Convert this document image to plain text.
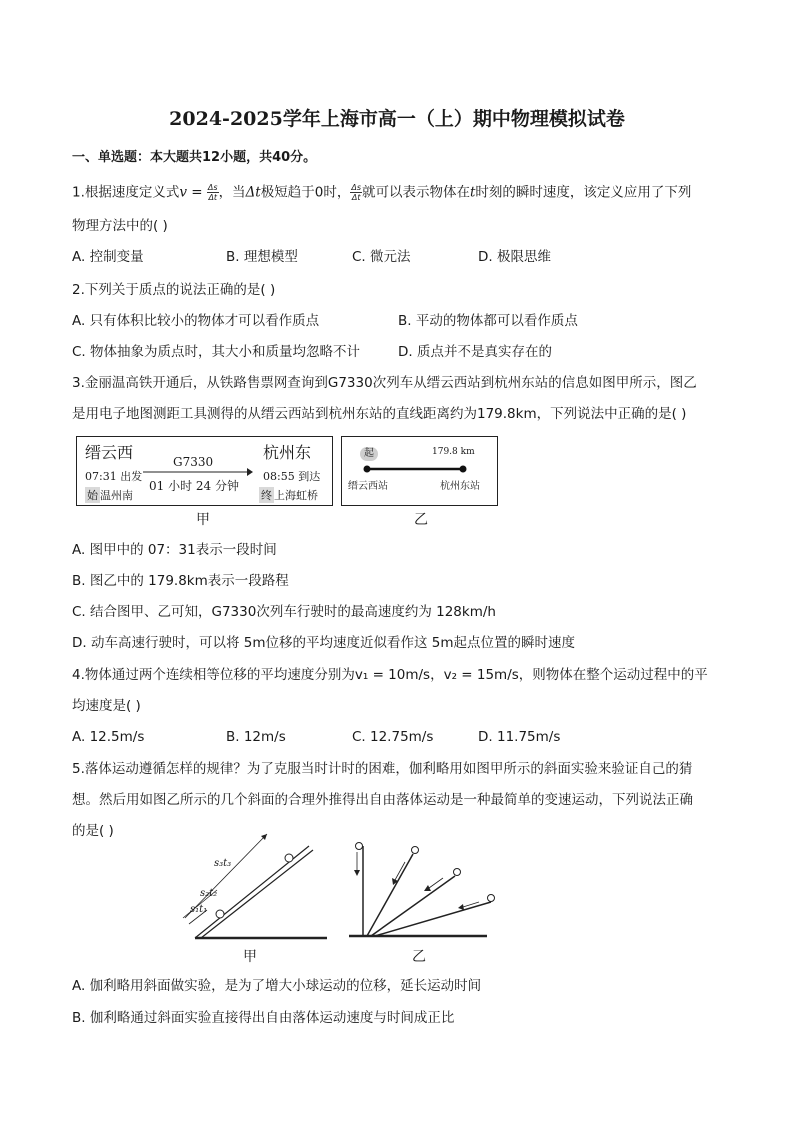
2024-2025学年上海市高一（上）期中物理模拟试卷
一、单选题：本大题共12小题，共40分。
1.根据速度定义式$v = \frac{\Delta s}{\Delta t}$ ，当Δt极短趋于0时， $\frac{\Delta s}{\Delta t}$ 就可以表示物体在t时刻的瞬时速度，该定义应用了下列
物理方法中的( )
A. 控制变量	B. 理想模型	C. 微元法	D. 极限思维
2.下列关于质点的说法正确的是( )
A. 只有体积比较小的物体才可以看作质点	B. 平动的物体都可以看作质点
C. 物体抽象为质点时，其大小和质量均忽略不计	D. 质点并不是真实存在的
3.金丽温高铁开通后，从铁路售票网查询到G7330次列车从缙云西站到杭州东站的信息如图甲所示，图乙
是用电子地图测距工具测得的从缙云西站到杭州东站的直线距离约为179.8km，下列说法中正确的是( )
缙云西	杭州东
07:31 出发	08:55 到达
G7330
01 小时 24 分钟
始 温州南	终 上海虹桥
甲
起	179.8 km
缙云西站	杭州东站
乙
A. 图甲中的 07：31表示一段时间
B. 图乙中的 179.8km表示一段路程
C. 结合图甲、乙可知，G7330次列车行驶时的最高速度约为 128km/h
D. 动车高速行驶时，可以将 5m位移的平均速度近似看作这 5m起点位置的瞬时速度
4.物体通过两个连续相等位移的平均速度分别为v₁ = 10m/s，v₂ = 15m/s，则物体在整个运动过程中的平
均速度是( )
A. 12.5m/s	B. 12m/s	C. 12.75m/s	D. 11.75m/s
5.落体运动遵循怎样的规律？为了克服当时计时的困难，伽利略用如图甲所示的斜面实验来验证自己的猜
想。然后用如图乙所示的几个斜面的合理外推得出自由落体运动是一种最简单的变速运动，下列说法正确
的是( )
s₃t₃
s₂t₂
s₁t₁
甲	乙
A. 伽利略用斜面做实验，是为了增大小球运动的位移，延长运动时间
B. 伽利略通过斜面实验直接得出自由落体运动速度与时间成正比
